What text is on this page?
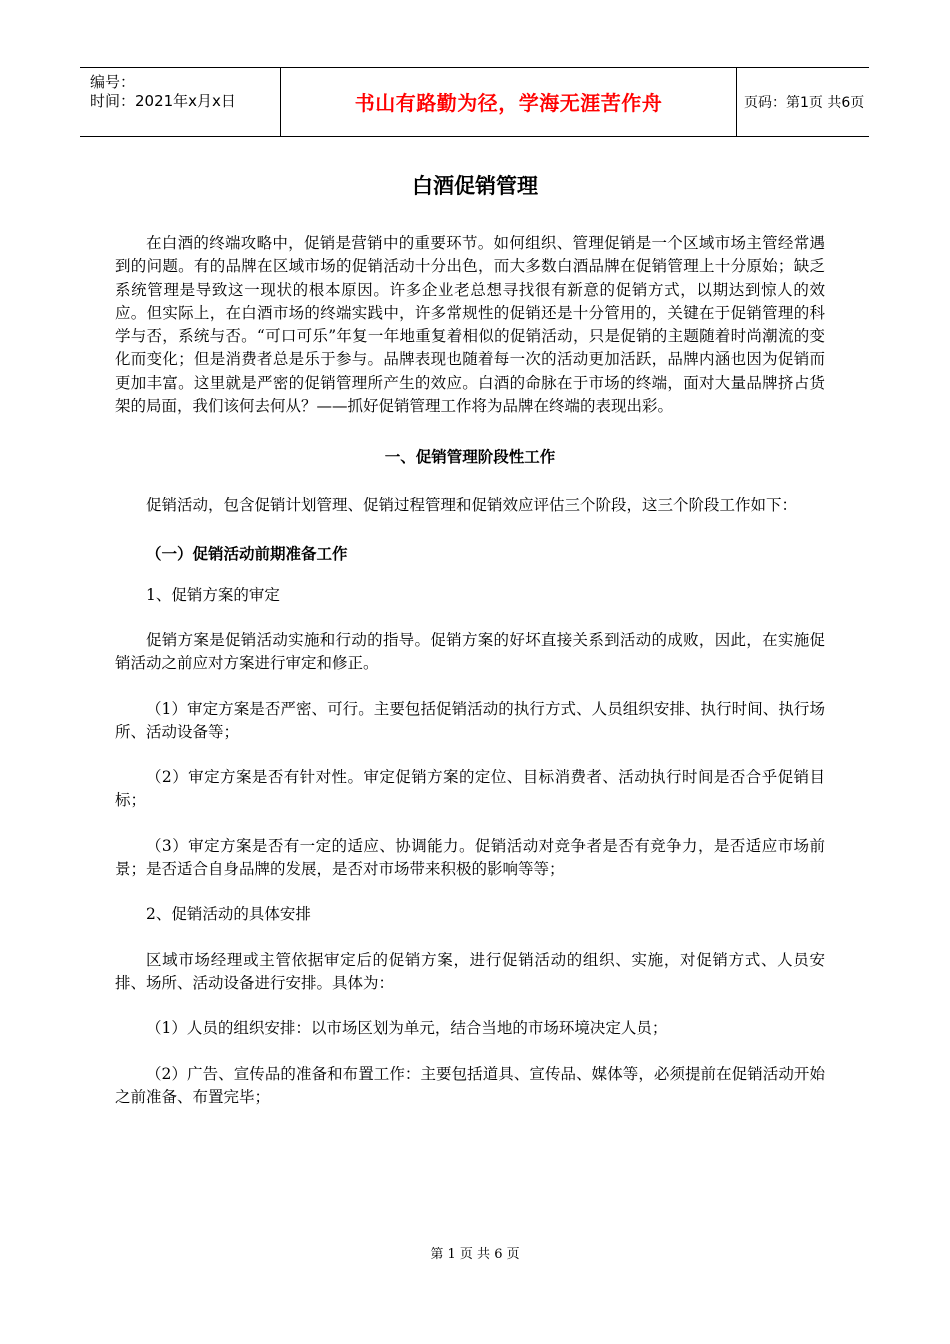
编号：

时间：2021年x月x日	书山有路勤为径，学海无涯苦作舟	页码：第1页 共6页
白酒促销管理

在白酒的终端攻略中，促销是营销中的重要环节。如何组织、管理促销是一个区域市场主管经常遇到的问题。有的品牌在区域市场的促销活动十分出色，而大多数白酒品牌在促销管理上十分原始；缺乏系统管理是导致这一现状的根本原因。许多企业老总想寻找很有新意的促销方式，以期达到惊人的效应。但实际上，在白酒市场的终端实践中，许多常规性的促销还是十分管用的，关键在于促销管理的科学与否，系统与否。“可口可乐”年复一年地重复着相似的促销活动，只是促销的主题随着时尚潮流的变化而变化；但是消费者总是乐于参与。品牌表现也随着每一次的活动更加活跃，品牌内涵也因为促销而更加丰富。这里就是严密的促销管理所产生的效应。白酒的命脉在于市场的终端，面对大量品牌挤占货架的局面，我们该何去何从？——抓好促销管理工作将为品牌在终端的表现出彩。

一、促销管理阶段性工作

促销活动，包含促销计划管理、促销过程管理和促销效应评估三个阶段，这三个阶段工作如下：

（一）促销活动前期准备工作

1、促销方案的审定

促销方案是促销活动实施和行动的指导。促销方案的好坏直接关系到活动的成败，因此，在实施促销活动之前应对方案进行审定和修正。

（1）审定方案是否严密、可行。主要包括促销活动的执行方式、人员组织安排、执行时间、执行场所、活动设备等；

（2）审定方案是否有针对性。审定促销方案的定位、目标消费者、活动执行时间是否合乎促销目标；

（3）审定方案是否有一定的适应、协调能力。促销活动对竞争者是否有竞争力，是否适应市场前景；是否适合自身品牌的发展，是否对市场带来积极的影响等等；

2、促销活动的具体安排

区域市场经理或主管依据审定后的促销方案，进行促销活动的组织、实施，对促销方式、人员安排、场所、活动设备进行安排。具体为：

（1）人员的组织安排：以市场区划为单元，结合当地的市场环境决定人员；

（2）广告、宣传品的准备和布置工作：主要包括道具、宣传品、媒体等，必须提前在促销活动开始之前准备、布置完毕；

第 1 页 共 6 页
